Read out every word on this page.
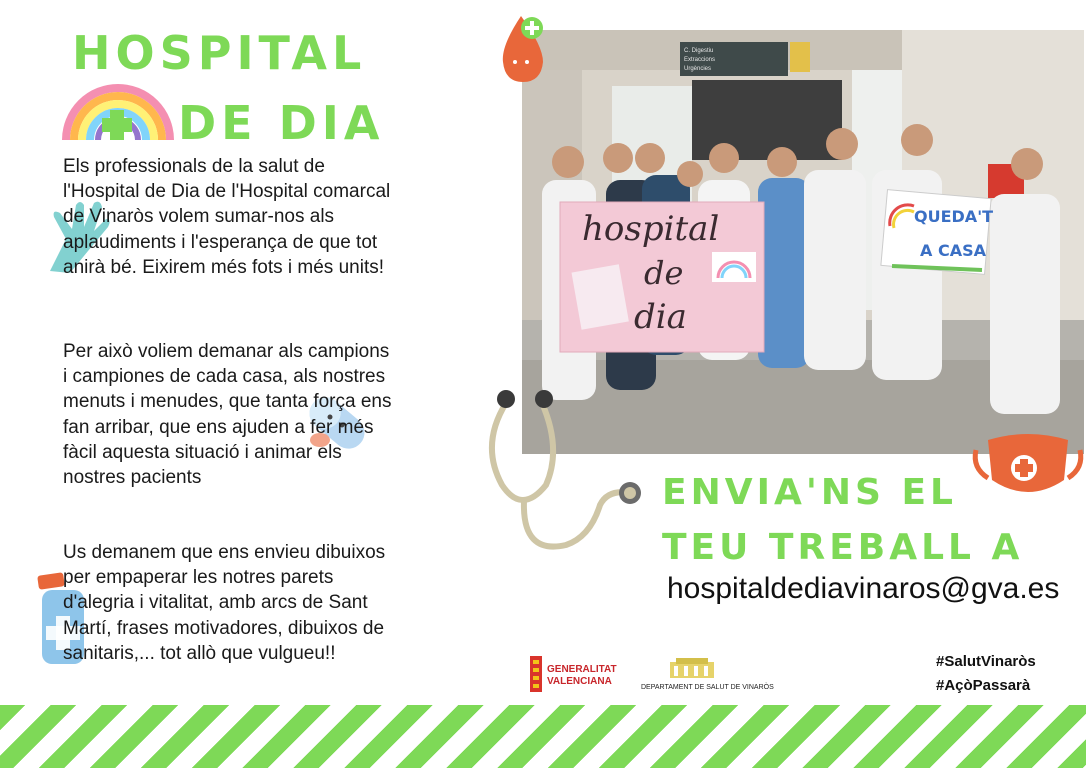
HOSPITAL
DE DIA

Els professionals de la salut de l'Hospital de Dia de l'Hospital comarcal de Vinaròs volem sumar-nos als aplaudiments i l'esperança de que tot anirà bé. Eixirem més fots i més units!

Per això voliem demanar als campions i campiones de cada casa, als nostres menuts i menudes, que tanta força ens fan arribar, que ens ajuden a fer més fàcil aquesta situació i animar els nostres pacients

Us demanem que ens envieu dibuixos per empaperar les notres parets d'alegria i vitalitat, amb arcs de Sant Martí, frases motivadores, dibuixos de sanitaris,... tot allò que vulgueu!!

C. Digestiu
Extraccions
Urgències
hospital
de
dia
QUEDA'T
A CASA
ENVIA'NS EL
TEU TREBALL A
hospitaldediavinaros@gva.es
GENERALITAT
VALENCIANA
DEPARTAMENT DE SALUT DE VINARÒS
#SalutVinaròs
#AçòPassarà
